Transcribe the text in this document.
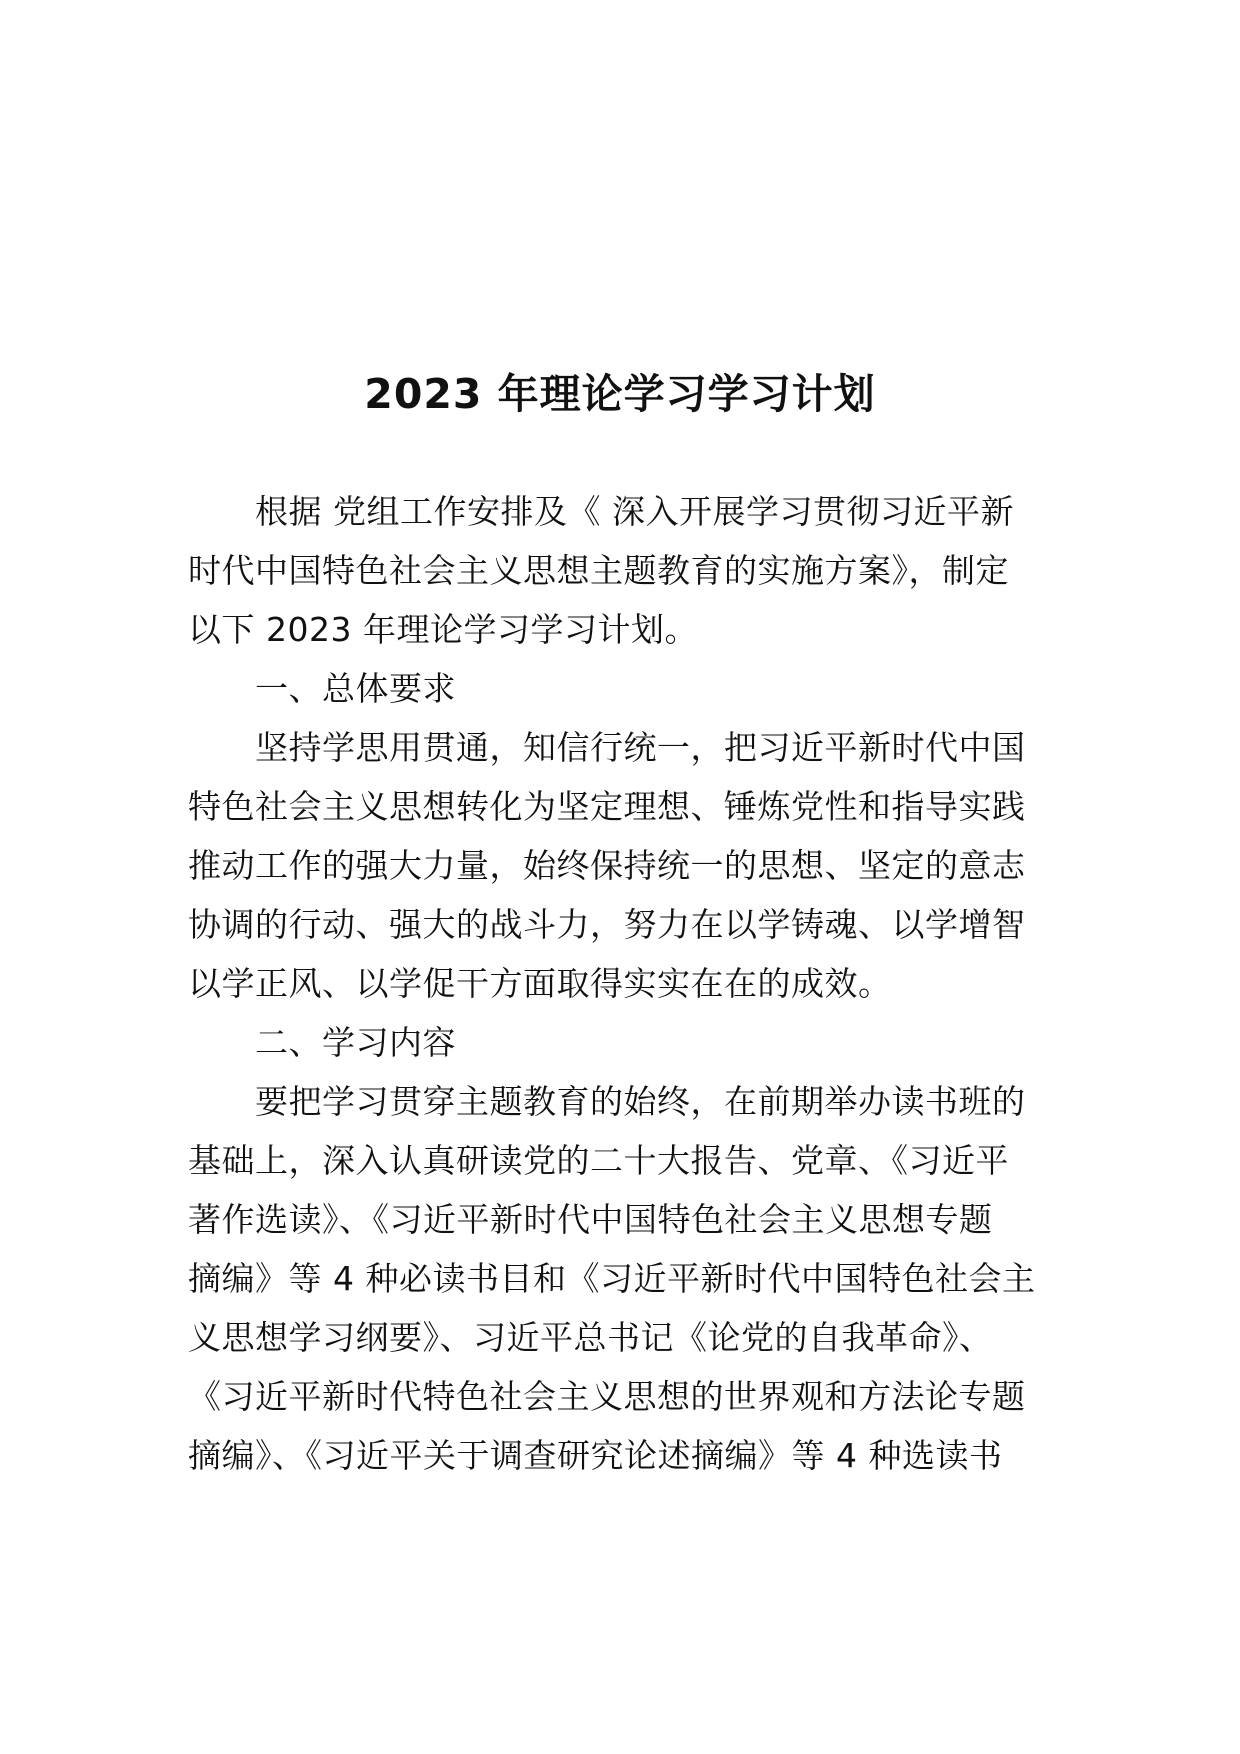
2023 年理论学习学习计划
根据 党组工作安排及《 深入开展学习贯彻习近平新
时代中国特色社会主义思想主题教育的实施方案》，制定
以下 2023 年理论学习学习计划。
一、总体要求
坚持学思用贯通，知信行统一，把习近平新时代中国
特色社会主义思想转化为坚定理想、锤炼党性和指导实践
推动工作的强大力量，始终保持统一的思想、坚定的意志
协调的行动、强大的战斗力，努力在以学铸魂、以学增智
以学正风、以学促干方面取得实实在在的成效。
二、学习内容
要把学习贯穿主题教育的始终，在前期举办读书班的
基础上，深入认真研读党的二十大报告、党章、《习近平
著作选读》、《习近平新时代中国特色社会主义思想专题
摘编》等 4 种必读书目和《习近平新时代中国特色社会主
义思想学习纲要》、习近平总书记《论党的自我革命》、
《习近平新时代特色社会主义思想的世界观和方法论专题
摘编》、《习近平关于调查研究论述摘编》等 4 种选读书
